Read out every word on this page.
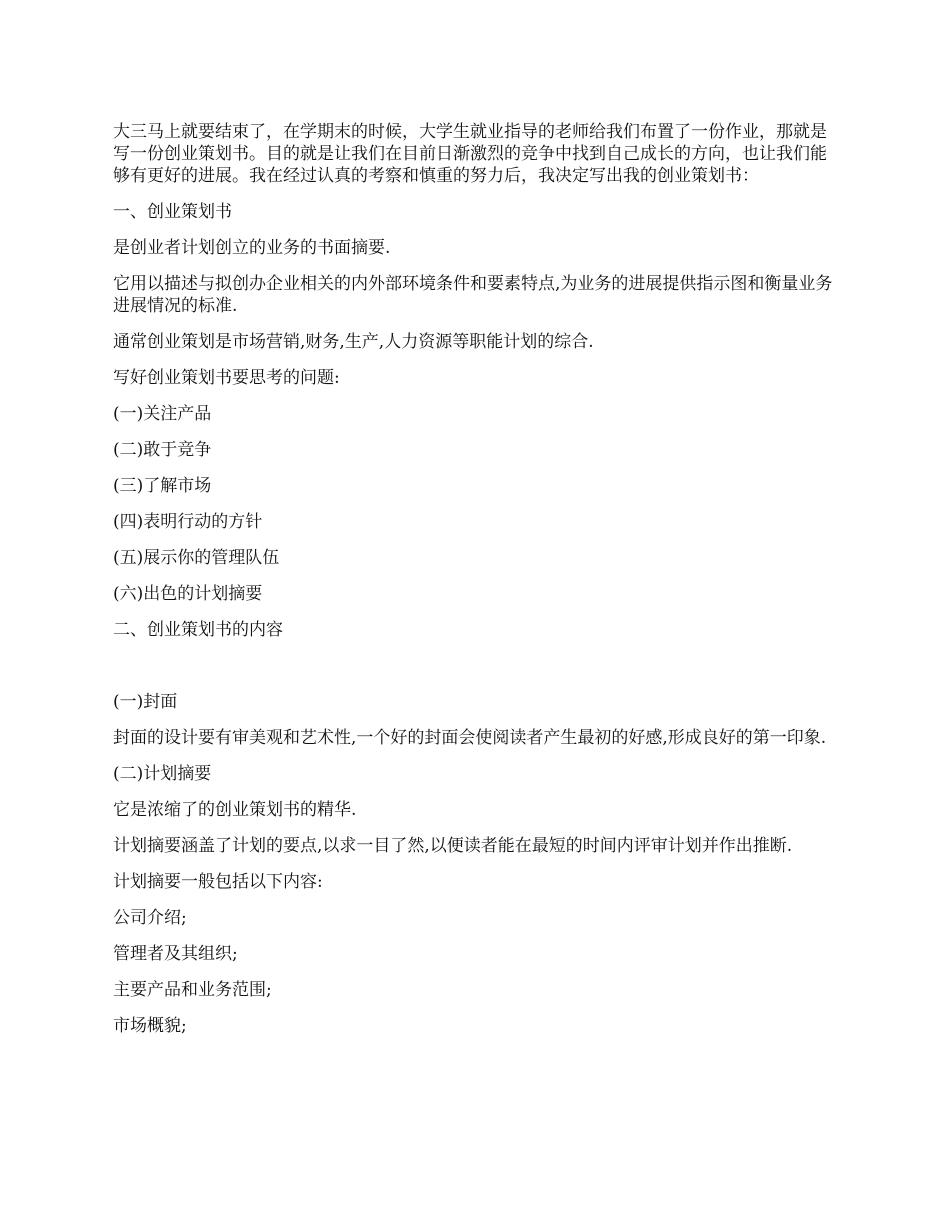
大三马上就要结束了，在学期末的时候，大学生就业指导的老师给我们布置了一份作业，那就是写一份创业策划书。目的就是让我们在目前日渐激烈的竞争中找到自己成长的方向，也让我们能够有更好的进展。我在经过认真的考察和慎重的努力后，我决定写出我的创业策划书：

一、创业策划书

是创业者计划创立的业务的书面摘要.

它用以描述与拟创办企业相关的内外部环境条件和要素特点,为业务的进展提供指示图和衡量业务进展情况的标准.

通常创业策划是市场营销,财务,生产,人力资源等职能计划的综合.

写好创业策划书要思考的问题:

(一)关注产品

(二)敢于竞争

(三)了解市场

(四)表明行动的方针

(五)展示你的管理队伍

(六)出色的计划摘要

二、创业策划书的内容

(一)封面

封面的设计要有审美观和艺术性,一个好的封面会使阅读者产生最初的好感,形成良好的第一印象.

(二)计划摘要

它是浓缩了的创业策划书的精华.

计划摘要涵盖了计划的要点,以求一目了然,以便读者能在最短的时间内评审计划并作出推断.

计划摘要一般包括以下内容:

公司介绍;

管理者及其组织;

主要产品和业务范围;

市场概貌;
